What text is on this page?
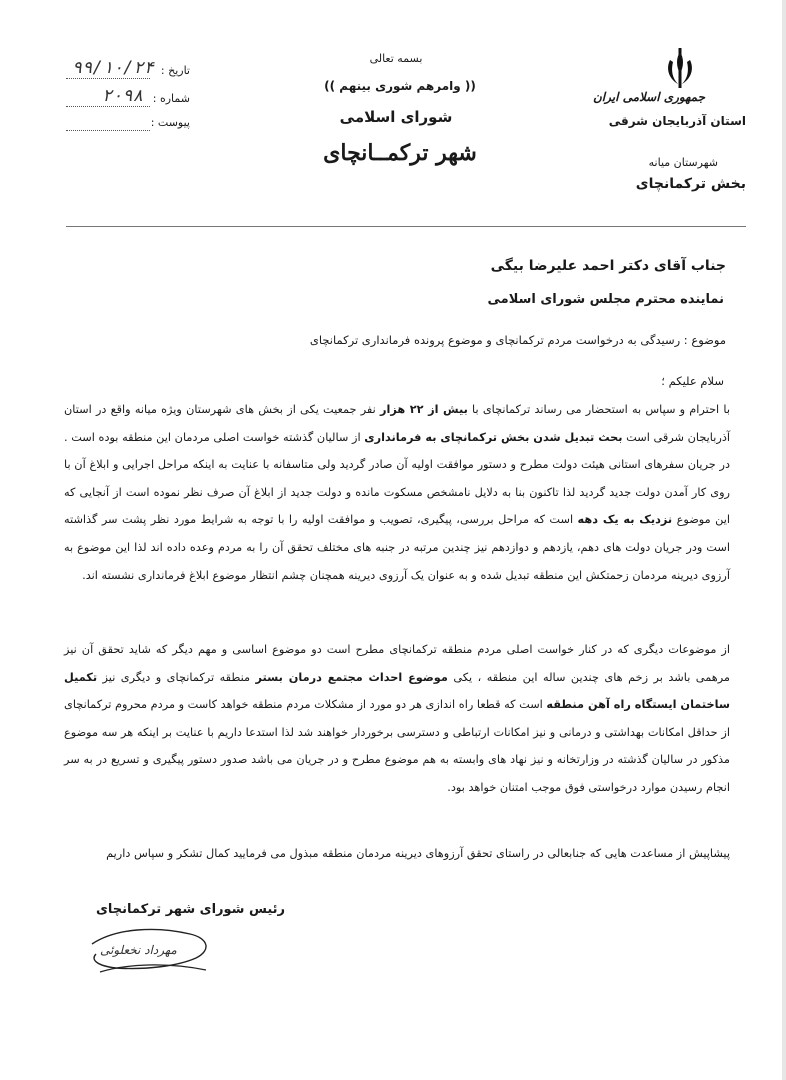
جمهوری اسلامی ایران
استان آذربایجان شرقی
شهرستان میانه
بخش ترکمانچای
بسمه تعالی
(( وامرهم شوری بینهم ))
شورای اسلامی
شهر ترکمــانچای
تاریخ :
۹۹/۱۰/۲۴
شماره :
۲۰۹۸
پیوست :
جناب آقای دکتر احمد علیرضا بیگی
نماینده محترم مجلس شورای اسلامی
موضوع : رسیدگی به درخواست مردم ترکمانچای و موضوع پرونده فرمانداری ترکمانچای
سلام علیکم ؛
با احترام و سپاس به استحضار می رساند ترکمانچای با بیش از ۲۲ هزار نفر جمعیت یکی از بخش های شهرستان ویژه میانه واقع در استان آذربایجان شرقی است بحث تبدیل شدن بخش ترکمانچای به فرمانداری از سالیان گذشته خواست اصلی مردمان این منطقه بوده است . در جریان سفرهای استانی هیئت دولت مطرح و دستور موافقت اولیه آن صادر گردید ولی متاسفانه با عنایت به اینکه مراحل اجرایی و ابلاغ آن با روی کار آمدن دولت جدید گردید لذا تاکنون بنا به دلایل نامشخص مسکوت مانده و دولت جدید از ابلاغ آن صرف نظر نموده است از آنجایی که این موضوع نزدیک به یک دهه است که مراحل بررسی، پیگیری، تصویب و موافقت اولیه را با توجه به شرایط مورد نظر پشت سر گذاشته است ودر جریان دولت های دهم، یازدهم و دوازدهم نیز چندین مرتبه در جنبه های مختلف تحقق آن را به مردم وعده داده اند لذا این موضوع به آرزوی دیرینه مردمان زحمتکش این منطقه تبدیل شده و به عنوان یک آرزوی دیرینه همچنان چشم انتظار موضوع ابلاغ فرمانداری نشسته اند.
از موضوعات دیگری که در کنار خواست اصلی مردم منطقه ترکمانچای مطرح است دو موضوع اساسی و مهم دیگر که شاید تحقق آن نیز مرهمی باشد بر زخم های چندین ساله این منطقه ، یکی موضوع احداث مجتمع درمان بستر منطقه ترکمانچای و دیگری نیز تکمیل ساختمان ایستگاه راه آهن منطقه است که قطعا راه اندازی هر دو مورد از مشکلات مردم منطقه خواهد کاست و مردم محروم ترکمانچای از حداقل امکانات بهداشتی و درمانی و نیز امکانات ارتباطی و دسترسی برخوردار خواهند شد لذا استدعا داریم با عنایت بر اینکه هر سه موضوع مذکور در سالیان گذشته در وزارتخانه و نیز نهاد های وابسته به هم موضوع مطرح و در جریان می باشد صدور دستور پیگیری و تسریع در به سر انجام رسیدن موارد درخواستی فوق موجب امتنان خواهد بود.
پیشاپیش از مساعدت هایی که جنابعالی در راستای تحقق آرزوهای دیرینه مردمان منطقه مبذول می فرمایید کمال تشکر و سپاس داریم
رئیس شورای شهر ترکمانچای
مهرداد نخعلوئی
